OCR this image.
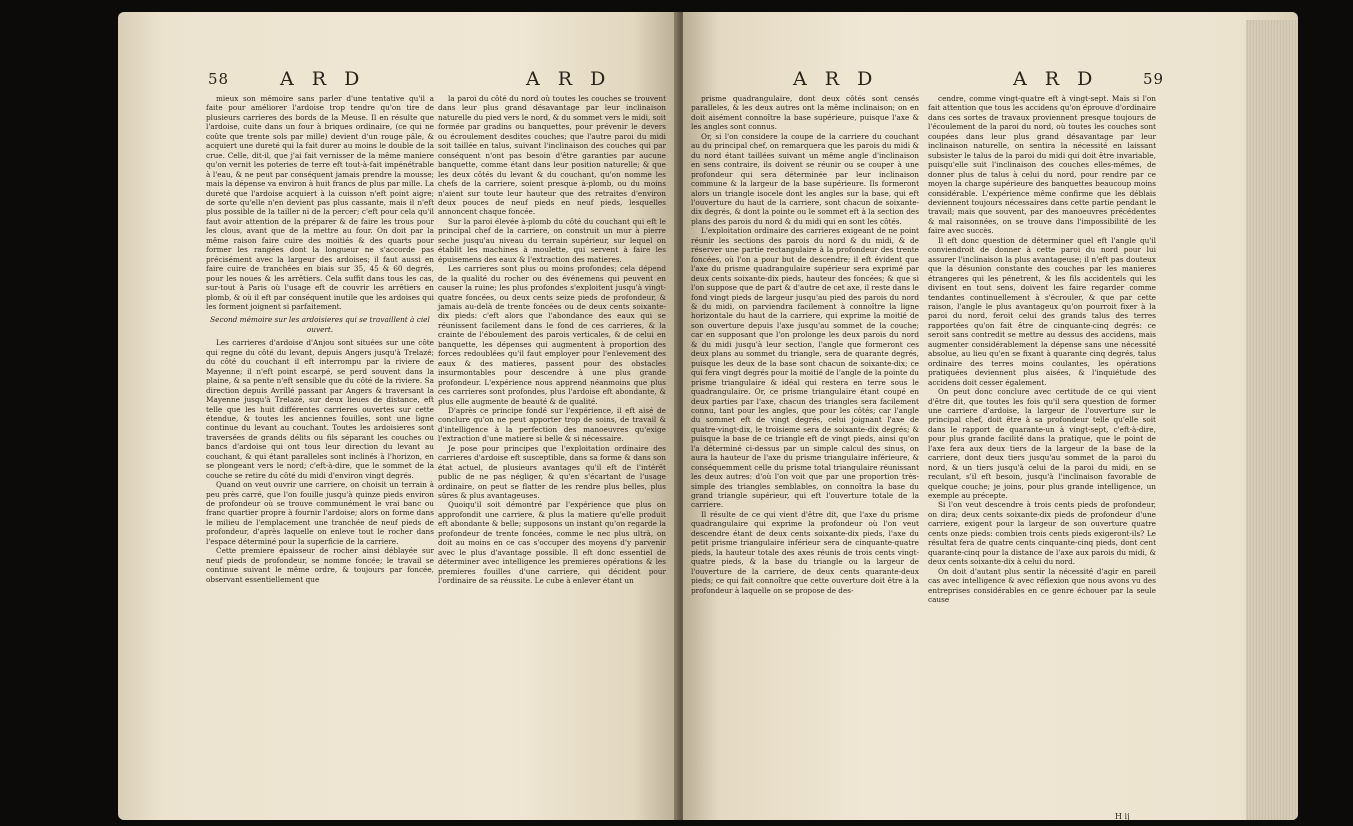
58	A R D	A R D

mieux son mémoire sans parler d'une tentative qu'il a faite pour améliorer l'ardoise trop tendre qu'on tire de plusieurs carrieres des bords de la Meuse. Il en résulte que l'ardoise, cuite dans un four à briques ordinaire, (ce qui ne coûte que trente sols par mille) devient d'un rouge pâle, & acquiert une dureté qui la fait durer au moins le double de la crue. Celle, dit-il, que j'ai fait vernisser de la même maniere qu'on vernit les poteries de terre eft tout-à-fait impénétrable à l'eau, & ne peut par conséquent jamais prendre la mousse; mais la dépense va environ à huit francs de plus par mille. La dureté que l'ardoise acquiert à la cuisson n'eft point aigre; de sorte qu'elle n'en devient pas plus cassante, mais il n'eft plus possible de la tailler ni de la percer; c'eft pour cela qu'il faut avoir attention de la préparer & de faire les trous pour les clous, avant que de la mettre au four. On doit par la même raison faire cuire des moitiés & des quarts pour former les rangées dont la longueur ne s'accorde pas précisément avec la largeur des ardoises; il faut aussi en faire cuire de tranchées en biais sur 35, 45 & 60 degrés, pour les noues & les arrêtiers. Cela suffit dans tous les cas, sur-tout à Paris où l'usage eft de couvrir les arrêtiers en plomb, & où il eft par conséquent inutile que les ardoises qui les forment joignent si parfaitement.

Second mémoire sur les ardoisieres qui se travaillent à ciel ouvert.

Les carrieres d'ardoise d'Anjou sont situées sur une côte qui regne du côté du levant, depuis Angers jusqu'à Trelazé; du côté du couchant il eft interrompu par la riviere de Mayenne; il n'eft point escarpé, se perd souvent dans la plaine, & sa pente n'eft sensible que du côté de la riviere. Sa direction depuis Avrillé passant par Angers & traversant la Mayenne jusqu'à Trelazé, sur deux lieues de distance, eft telle que les huit différentes carrieres ouvertes sur cette étendue, & toutes les anciennes fouilles, sont une ligne continue du levant au couchant. Toutes les ardoisieres sont traversées de grands délits ou fils séparant les couches ou bancs d'ardoise qui ont tous leur direction du levant au couchant, & qui étant paralleles sont inclinés à l'horizon, en se plongeant vers le nord; c'eft-à-dire, que le sommet de la couche se retire du côté du midi d'environ vingt degrés.

Quand on veut ouvrir une carriere, on choisit un terrain à peu près carré, que l'on fouille jusqu'à quinze pieds environ de profondeur où se trouve communément le vrai banc ou franc quartier propre à fournir l'ardoise; alors on forme dans le milieu de l'emplacement une tranchée de neuf pieds de profondeur, d'après laquelle on enleve tout le rocher dans l'espace déterminé pour la superficie de la carriere.

Cette premiere épaisseur de rocher ainsi déblayée sur neuf pieds de profondeur, se nomme foncée; le travail se continue suivant le même ordre, & toujours par foncée, observant essentiellement que

la paroi du côté du nord où toutes les couches se trouvent dans leur plus grand désavantage par leur inclinaison naturelle du pied vers le nord, & du sommet vers le midi, soit formée par gradins ou banquettes, pour prévenir le devers ou écroulement desdites couches; que l'autre paroi du midi soit taillée en talus, suivant l'inclinaison des couches qui par conséquent n'ont pas besoin d'être garanties par aucune banquette, comme étant dans leur position naturelle; & que les deux côtés du levant & du couchant, qu'on nomme les chefs de la carriere, soient presque à-plomb, ou du moins n'aient sur toute leur hauteur que des retraites d'environ deux pouces de neuf pieds en neuf pieds, lesquelles annoncent chaque foncée.

Sur la paroi élevée à-plomb du côté du couchant qui eft le principal chef de la carriere, on construit un mur à pierre seche jusqu'au niveau du terrain supérieur, sur lequel on établit les machines à moulette, qui servent à faire les épuisemens des eaux & l'extraction des matieres.

Les carrieres sont plus ou moins profondes; cela dépend de la qualité du rocher ou des événemens qui peuvent en causer la ruine; les plus profondes s'exploitent jusqu'à vingt-quatre foncées, ou deux cents seize pieds de profondeur, & jamais au-delà de trente foncées ou de deux cents soixante-dix pieds: c'eft alors que l'abondance des eaux qui se réunissent facilement dans le fond de ces carrieres, & la crainte de l'éboulement des parois verticales, & de celui en banquette, les dépenses qui augmentent à proportion des forces redoublées qu'il faut employer pour l'enlevement des eaux & des matieres, passent pour des obstacles insurmontables pour descendre à une plus grande profondeur. L'expérience nous apprend néanmoins que plus ces carrieres sont profondes, plus l'ardoise eft abondante, & plus elle augmente de beauté & de qualité.

D'après ce principe fondé sur l'expérience, il eft aisé de conclure qu'on ne peut apporter trop de soins, de travail & d'intelligence à la perfection des manoeuvres qu'exige l'extraction d'une matiere si belle & si nécessaire.

Je pose pour principes que l'exploitation ordinaire des carrieres d'ardoise eft susceptible, dans sa forme & dans son état actuel, de plusieurs avantages qu'il eft de l'intérêt public de ne pas négliger, & qu'en s'écartant de l'usage ordinaire, on peut se flatter de les rendre plus belles, plus sûres & plus avantageuses.

Quoiqu'il soit démontré par l'expérience que plus on approfondit une carriere, & plus la matiere qu'elle produit eft abondante & belle; supposons un instant qu'on regarde la profondeur de trente foncées, comme le nec plus ultrà, on doit au moins en ce cas s'occuper des moyens d'y parvenir avec le plus d'avantage possible. Il eft donc essentiel de déterminer avec intelligence les premieres opérations & les premieres fouilles d'une carriere, qui décident pour l'ordinaire de sa réussite. Le cube à enlever étant un

A R D	A R D	59

prisme quadrangulaire, dont deux côtés sont censés paralleles, & les deux autres ont la même inclinaison; on en doit aisément connoître la base supérieure, puisque l'axe & les angles sont connus.

Or, si l'on considere la coupe de la carriere du couchant au du principal chef, on remarquera que les parois du midi & du nord étant taillées suivant un même angle d'inclinaison en sens contraire, ils doivent se réunir ou se couper à une profondeur qui sera déterminée par leur inclinaison commune & la largeur de la base supérieure. Ils formeront alors un triangle isocele dont les angles sur la base, qui eft l'ouverture du haut de la carriere, sont chacun de soixante-dix degrés, & dont la pointe ou le sommet eft à la section des plans des parois du nord & du midi qui en sont les côtés.

L'exploitation ordinaire des carrieres exigeant de ne point réunir les sections des parois du nord & du midi, & de réserver une partie rectangulaire à la profondeur des trente foncées, où l'on a pour but de descendre; il eft évident que l'axe du prisme quadrangulaire supérieur sera exprimé par deux cents soixante-dix pieds, hauteur des foncées; & que si l'on suppose que de part & d'autre de cet axe, il reste dans le fond vingt pieds de largeur jusqu'au pied des parois du nord & du midi, on parviendra facilement à connoître la ligne horizontale du haut de la carriere, qui exprime la moitié de son ouverture depuis l'axe jusqu'au sommet de la couche; car en supposant que l'on prolonge les deux parois du nord & du midi jusqu'à leur section, l'angle que formeront ces deux plans au sommet du triangle, sera de quarante degrés, puisque les deux de la base sont chacun de soixante-dix; ce qui fera vingt degrés pour la moitié de l'angle de la pointe du prisme triangulaire & idéal qui restera en terre sous le quadrangulaire. Or, ce prisme triangulaire étant coupé en deux parties par l'axe, chacun des triangles sera facilement connu, tant pour les angles, que pour les côtés; car l'angle du sommet eft de vingt degrés, celui joignant l'axe de quatre-vingt-dix, le troisieme sera de soixante-dix degrés; & puisque la base de ce triangle eft de vingt pieds, ainsi qu'on l'a déterminé ci-dessus par un simple calcul des sinus, on aura la hauteur de l'axe du prisme triangulaire inférieure, & conséquemment celle du prisme total triangulaire réunissant les deux autres: d'où l'on voit que par une proportion très-simple des triangles semblables, on connoîtra la base du grand triangle supérieur, qui eft l'ouverture totale de la carriere.

Il résulte de ce qui vient d'être dit, que l'axe du prisme quadrangulaire qui exprime la profondeur où l'on veut descendre étant de deux cents soixante-dix pieds, l'axe du petit prisme triangulaire inférieur sera de cinquante-quatre pieds, la hauteur totale des axes réunis de trois cents vingt-quatre pieds, & la base du triangle ou la largeur de l'ouverture de la carriere, de deux cents quarante-deux pieds; ce qui fait connoître que cette ouverture doit être à la profondeur à laquelle on se propose de des-

cendre, comme vingt-quatre eft à vingt-sept. Mais si l'on fait attention que tous les accidens qu'on éprouve d'ordinaire dans ces sortes de travaux proviennent presque toujours de l'écoulement de la paroi du nord, où toutes les couches sont coupées dans leur plus grand désavantage par leur inclinaison naturelle, on sentira la nécessité en laissant subsister le talus de la paroi du midi qui doit être invariable, puisqu'elle suit l'inclinaison des couches elles-mêmes, de donner plus de talus à celui du nord, pour rendre par ce moyen la charge supérieure des banquettes beaucoup moins considérable. L'expérience même confirme que les déblais deviennent toujours nécessaires dans cette partie pendant le travail; mais que souvent, par des manoeuvres précédentes & mal raisonnées, on se trouve dans l'impossibilité de les faire avec succès.

Il eft donc question de déterminer quel eft l'angle qu'il conviendroit de donner à cette paroi du nord pour lui assurer l'inclinaison la plus avantageuse; il n'eft pas douteux que la désunion constante des couches par les manieres étrangeres qui les pénetrent, & les fils accidentels qui les divisent en tout sens, doivent les faire regarder comme tendantes continuellement à s'écrouler, & que par cette raison, l'angle le plus avantageux qu'on pourroit fixer à la paroi du nord, feroit celui des grands talus des terres rapportées qu'on fait être de cinquante-cinq degrés: ce seroit sans contredit se mettre au dessus des accidens, mais augmenter considérablement la dépense sans une nécessité absolue, au lieu qu'en se fixant à quarante cinq degrés, talus ordinaire des terres moins coulantes, les opérations pratiquées deviennent plus aisées, & l'inquiétude des accidens doit cesser également.

On peut donc conclure avec certitude de ce qui vient d'être dit, que toutes les fois qu'il sera question de former une carriere d'ardoise, la largeur de l'ouverture sur le principal chef, doit être à sa profondeur telle qu'elle soit dans le rapport de quarante-un à vingt-sept, c'eft-à-dire, pour plus grande facilité dans la pratique, que le point de l'axe fera aux deux tiers de la largeur de la base de la carriere, dont deux tiers jusqu'au sommet de la paroi du nord, & un tiers jusqu'à celui de la paroi du midi, en se reculant, s'il eft besoin, jusqu'à l'inclinaison favorable de quelque couche; je joins, pour plus grande intelligence, un exemple au précepte.

Si l'on veut descendre à trois cents pieds de profondeur, on dira; deux cents soixante-dix pieds de profondeur d'une carriere, exigent pour la largeur de son ouverture quatre cents onze pieds: combien trois cents pieds exigeront-ils? Le résultat fera de quatre cents cinquante-cinq pieds, dont cent quarante-cinq pour la distance de l'axe aux parois du midi, & deux cents soixante-dix à celui du nord.

On doit d'autant plus sentir la nécessité d'agir en pareil cas avec intelligence & avec réflexion que nous avons vu des entreprises considérables en ce genre échouer par la seule cause

H ij
